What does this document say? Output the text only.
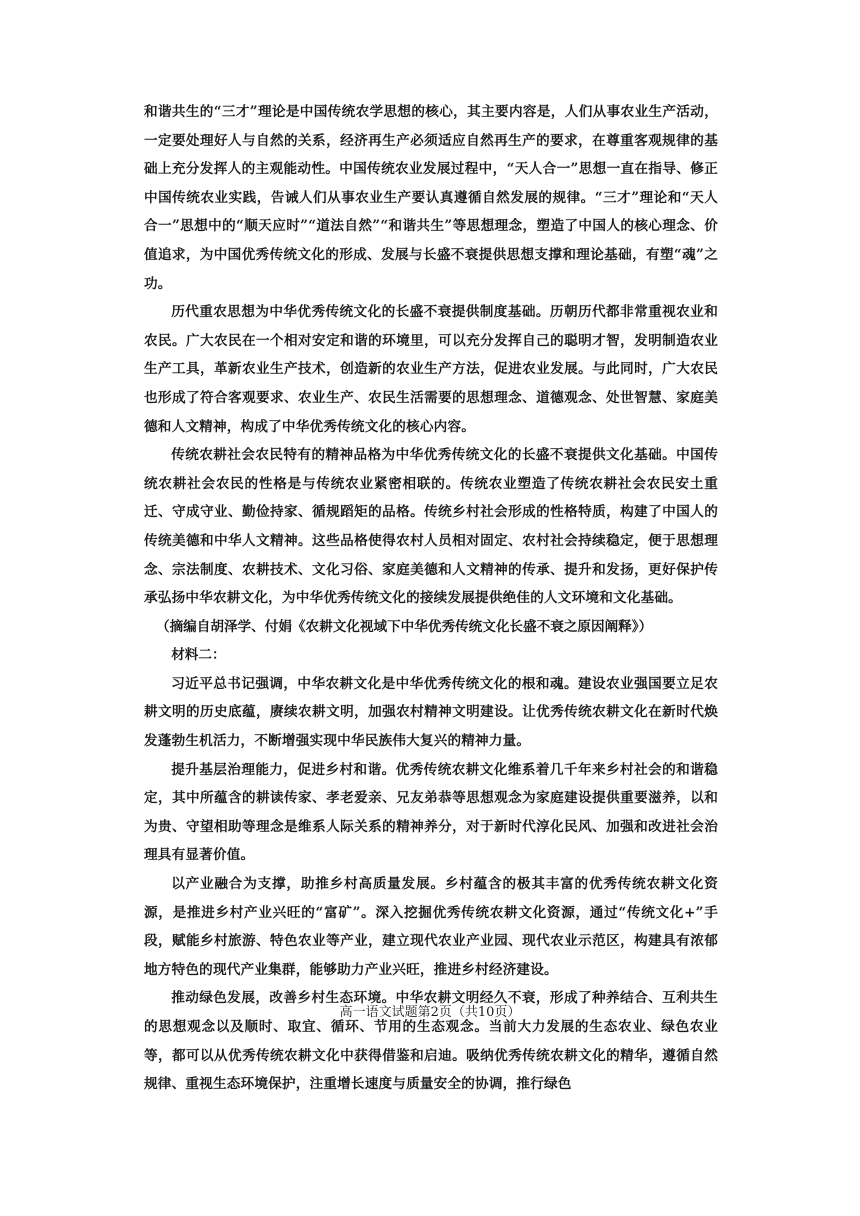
和谐共生的“三才”理论是中国传统农学思想的核心，其主要内容是，人们从事农业生产活动，一定要处理好人与自然的关系，经济再生产必须适应自然再生产的要求，在尊重客观规律的基础上充分发挥人的主观能动性。中国传统农业发展过程中，“天人合一”思想一直在指导、修正中国传统农业实践，告诫人们从事农业生产要认真遵循自然发展的规律。“三才”理论和“天人合一”思想中的“顺天应时”“道法自然”“和谐共生”等思想理念，塑造了中国人的核心理念、价值追求，为中国优秀传统文化的形成、发展与长盛不衰提供思想支撑和理论基础，有塑“魂”之功。

历代重农思想为中华优秀传统文化的长盛不衰提供制度基础。历朝历代都非常重视农业和农民。广大农民在一个相对安定和谐的环境里，可以充分发挥自己的聪明才智，发明制造农业生产工具，革新农业生产技术，创造新的农业生产方法，促进农业发展。与此同时，广大农民也形成了符合客观要求、农业生产、农民生活需要的思想理念、道德观念、处世智慧、家庭美德和人文精神，构成了中华优秀传统文化的核心内容。

传统农耕社会农民特有的精神品格为中华优秀传统文化的长盛不衰提供文化基础。中国传统农耕社会农民的性格是与传统农业紧密相联的。传统农业塑造了传统农耕社会农民安土重迁、守成守业、勤俭持家、循规蹈矩的品格。传统乡村社会形成的性格特质，构建了中国人的传统美德和中华人文精神。这些品格使得农村人员相对固定、农村社会持续稳定，便于思想理念、宗法制度、农耕技术、文化习俗、家庭美德和人文精神的传承、提升和发扬，更好保护传承弘扬中华农耕文化，为中华优秀传统文化的接续发展提供绝佳的人文环境和文化基础。

（摘编自胡泽学、付娟《农耕文化视域下中华优秀传统文化长盛不衰之原因阐释》）

材料二：

习近平总书记强调，中华农耕文化是中华优秀传统文化的根和魂。建设农业强国要立足农耕文明的历史底蕴，赓续农耕文明，加强农村精神文明建设。让优秀传统农耕文化在新时代焕发蓬勃生机活力，不断增强实现中华民族伟大复兴的精神力量。

提升基层治理能力，促进乡村和谐。优秀传统农耕文化维系着几千年来乡村社会的和谐稳定，其中所蕴含的耕读传家、孝老爱亲、兄友弟恭等思想观念为家庭建设提供重要滋养，以和为贵、守望相助等理念是维系人际关系的精神养分，对于新时代淳化民风、加强和改进社会治理具有显著价值。

以产业融合为支撑，助推乡村高质量发展。乡村蕴含的极其丰富的优秀传统农耕文化资源，是推进乡村产业兴旺的“富矿”。深入挖掘优秀传统农耕文化资源，通过“传统文化+”手段，赋能乡村旅游、特色农业等产业，建立现代农业产业园、现代农业示范区，构建具有浓郁地方特色的现代产业集群，能够助力产业兴旺，推进乡村经济建设。

推动绿色发展，改善乡村生态环境。中华农耕文明经久不衰，形成了种养结合、互利共生的思想观念以及顺时、取宜、循环、节用的生态观念。当前大力发展的生态农业、绿色农业等，都可以从优秀传统农耕文化中获得借鉴和启迪。吸纳优秀传统农耕文化的精华，遵循自然规律、重视生态环境保护，注重增长速度与质量安全的协调，推行绿色

高一语文试题第2页（共10页）
